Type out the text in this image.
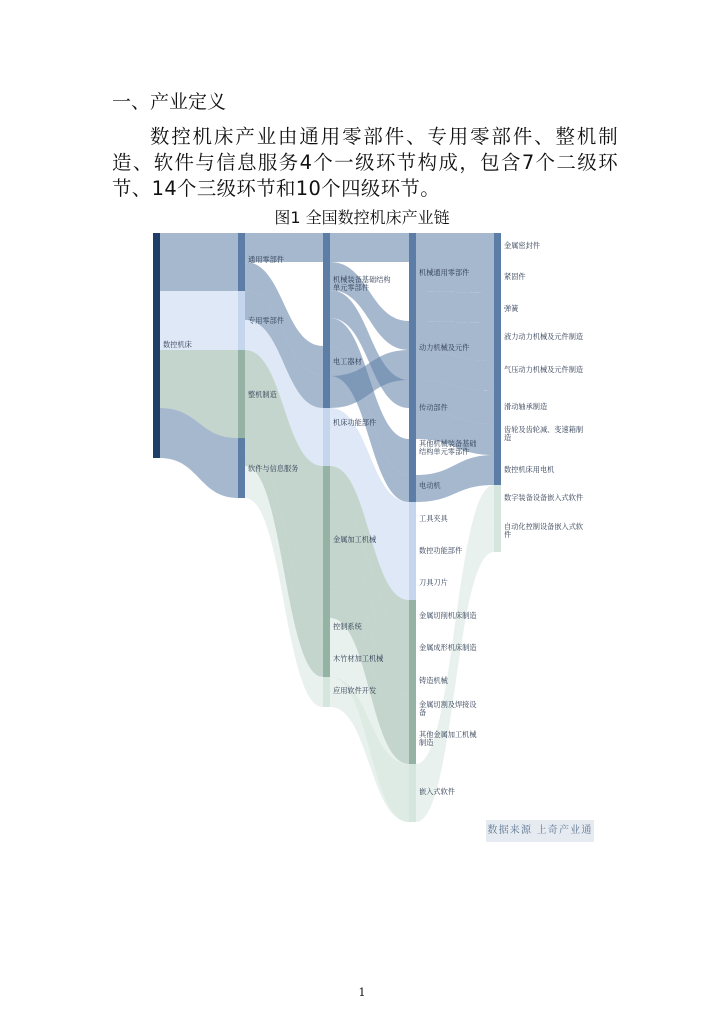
一、产业定义
数控机床产业由通用零部件、专用零部件、整机制造、软件与信息服务4个一级环节构成，包含7个二级环节、14个三级环节和10个四级环节。
图1 全国数控机床产业链
数控机床
通用零部件
专用零部件
整机制造
软件与信息服务
机械装备基础结构单元零部件
电工器材
机床功能部件
金属加工机械
控制系统
木竹材加工机械
应用软件开发
机械通用零部件
动力机械及元件
传动部件
其他机械装备基础结构单元零部件
电动机
工具夹具
数控功能部件
刀具刀片
金属切削机床制造
金属成形机床制造
铸造机械
金属切割及焊接设备
其他金属加工机械制造
嵌入式软件
金属密封件
紧固件
弹簧
液力动力机械及元件制造
气压动力机械及元件制造
滑动轴承制造
齿轮及齿轮减、变速箱制造
数控机床用电机
数字装备设备嵌入式软件
自动化控制设备嵌入式软件
数据来源 上奇产业通
1
